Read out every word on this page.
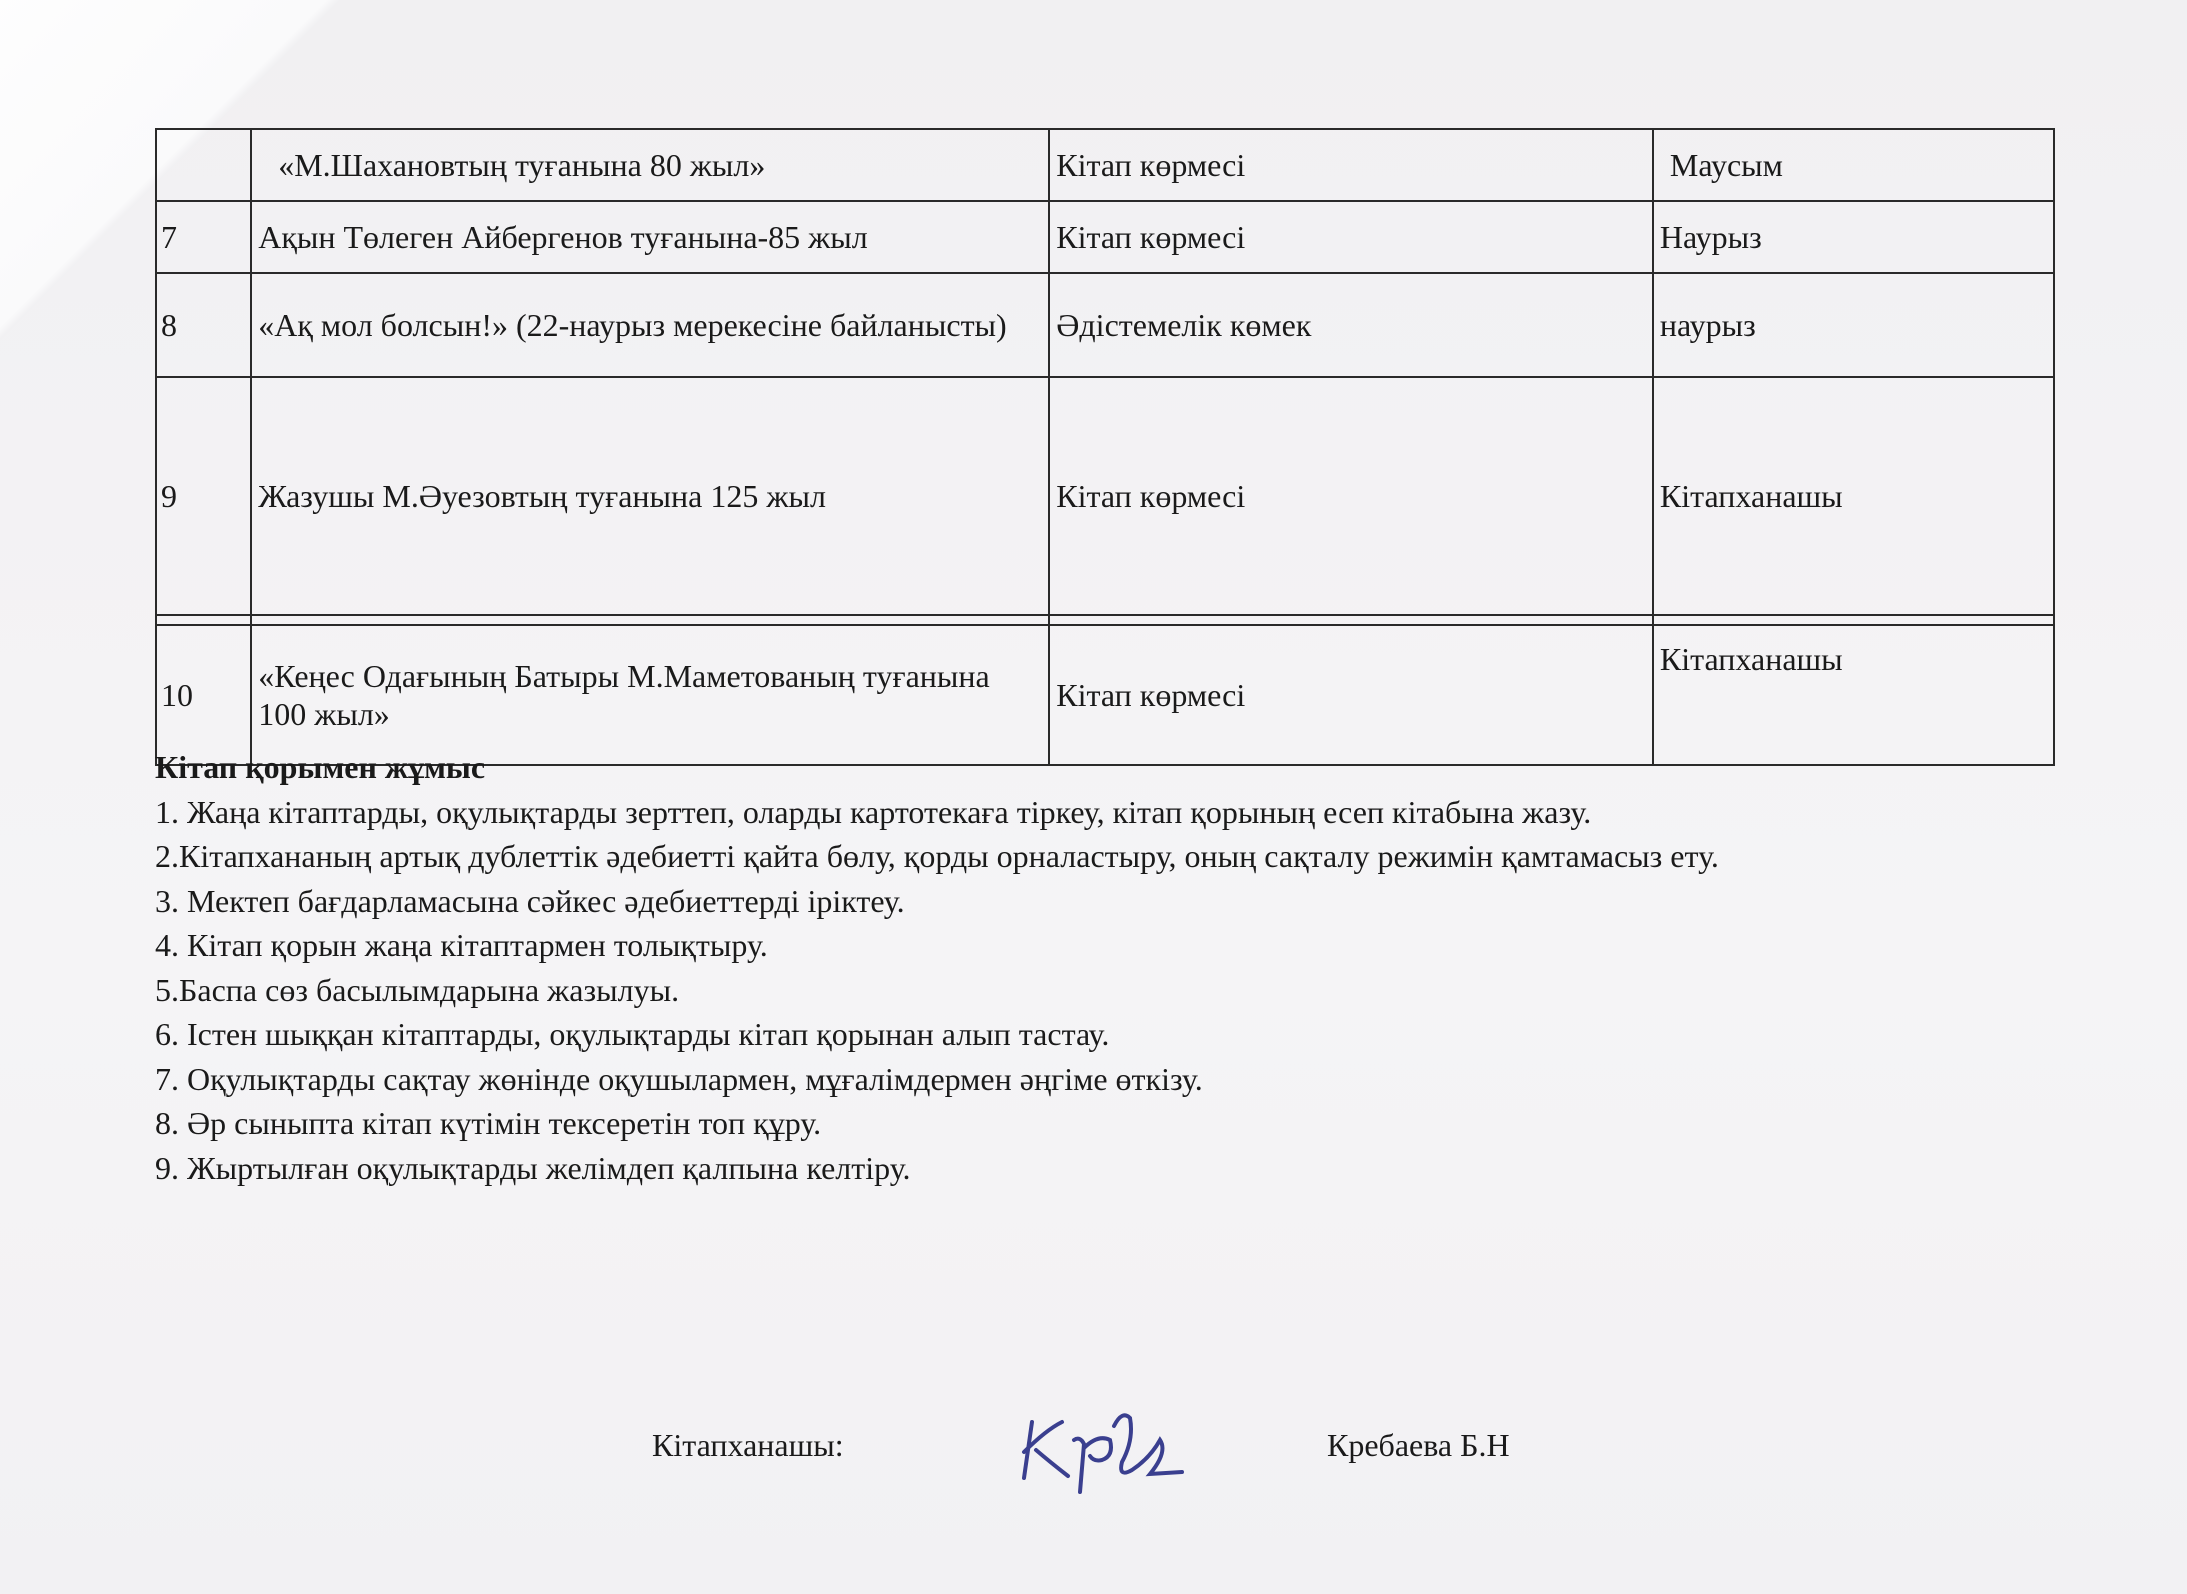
	«М.Шахановтың туғанына 80 жыл»	Кітап көрмесі	Маусым
7	Ақын Төлеген Айбергенов туғанына-85 жыл	Кітап көрмесі	Наурыз
8	«Ақ мол болсын!» (22-наурыз мерекесіне байланысты)	Әдістемелік көмек	наурыз
9	Жазушы М.Әуезовтың туғанына 125 жыл	Кітап көрмесі	Кітапханашы

10	«Кеңес Одағының Батыры М.Маметованың туғанына 100 жыл»	Кітап көрмесі	Кітапханашы
Кітап қорымен жұмыс
1. Жаңа кітаптарды, оқулықтарды зерттеп, оларды картотекаға тіркеу, кітап қорының есеп кітабына жазу.
2.Кітапхананың артық дублеттік әдебиетті қайта бөлу, қорды орналастыру, оның сақталу режимін қамтамасыз ету.
3. Мектеп бағдарламасына сәйкес әдебиеттерді іріктеу.
4. Кітап қорын жаңа кітаптармен толықтыру.
5.Баспа сөз басылымдарына жазылуы.
6. Істен шыққан кітаптарды, оқулықтарды кітап қорынан алып тастау.
7. Оқулықтарды сақтау жөнінде оқушылармен, мұғалімдермен әңгіме өткізу.
8. Әр сыныпта кітап күтімін тексеретін топ құру.
9. Жыртылған оқулықтарды желімдеп қалпына келтіру.
Кітапханашы:	Кребаева Б.Н
